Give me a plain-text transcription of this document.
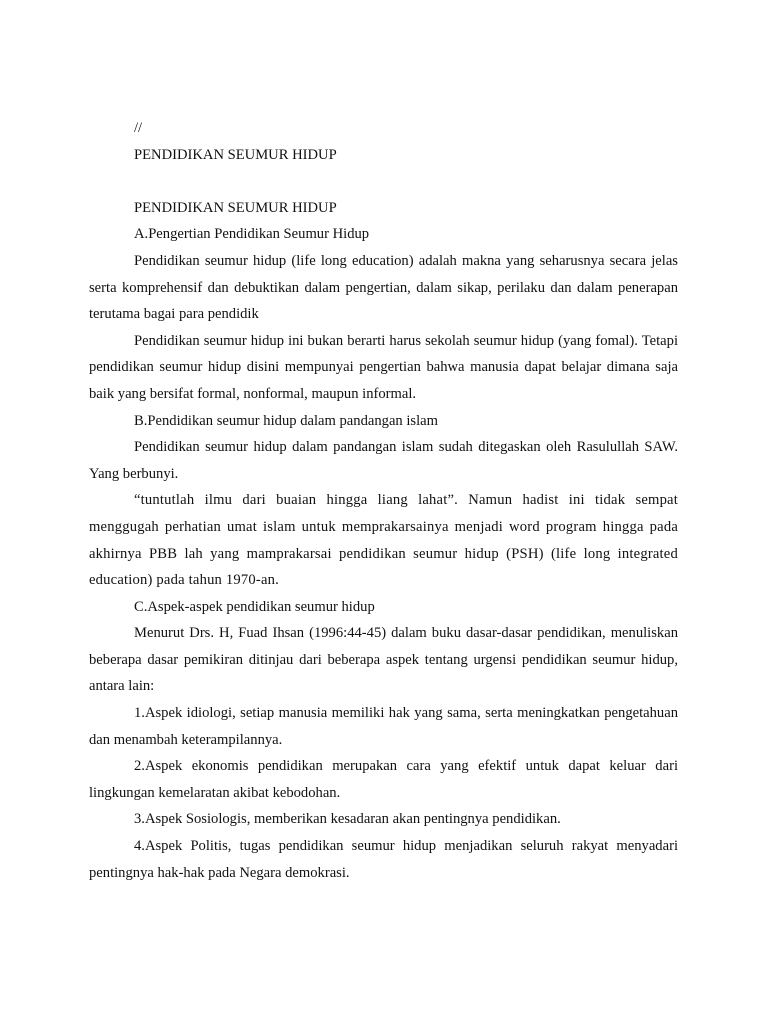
//

PENDIDIKAN SEUMUR HIDUP

PENDIDIKAN SEUMUR HIDUP

A.Pengertian Pendidikan Seumur Hidup

Pendidikan seumur hidup (life long education) adalah makna yang seharusnya secara jelas serta komprehensif dan debuktikan dalam pengertian, dalam sikap, perilaku dan dalam penerapan terutama bagai para pendidik

Pendidikan seumur hidup ini bukan berarti harus sekolah seumur hidup (yang fomal). Tetapi pendidikan seumur hidup disini mempunyai pengertian bahwa manusia dapat belajar dimana saja baik yang bersifat formal, nonformal, maupun informal.

B.Pendidikan seumur hidup dalam pandangan islam

Pendidikan seumur hidup dalam pandangan islam sudah ditegaskan oleh Rasulullah SAW. Yang berbunyi.

“tuntutlah ilmu dari buaian hingga liang lahat”. Namun hadist ini tidak sempat menggugah perhatian umat islam untuk memprakarsainya menjadi word program hingga pada akhirnya PBB lah yang mamprakarsai pendidikan seumur hidup (PSH) (life long integrated education) pada tahun 1970-an.

C.Aspek-aspek pendidikan seumur hidup

Menurut Drs. H, Fuad Ihsan (1996:44-45) dalam buku dasar-dasar pendidikan, menuliskan beberapa dasar pemikiran ditinjau dari beberapa aspek tentang urgensi pendidikan seumur hidup, antara lain:

1.Aspek idiologi, setiap manusia memiliki hak yang sama, serta meningkatkan pengetahuan dan menambah keterampilannya.

2.Aspek ekonomis pendidikan merupakan cara yang efektif untuk dapat keluar dari lingkungan kemelaratan akibat kebodohan.

3.Aspek Sosiologis, memberikan kesadaran akan pentingnya pendidikan.

4.Aspek Politis, tugas pendidikan seumur hidup menjadikan seluruh rakyat menyadari pentingnya hak-hak pada Negara demokrasi.
